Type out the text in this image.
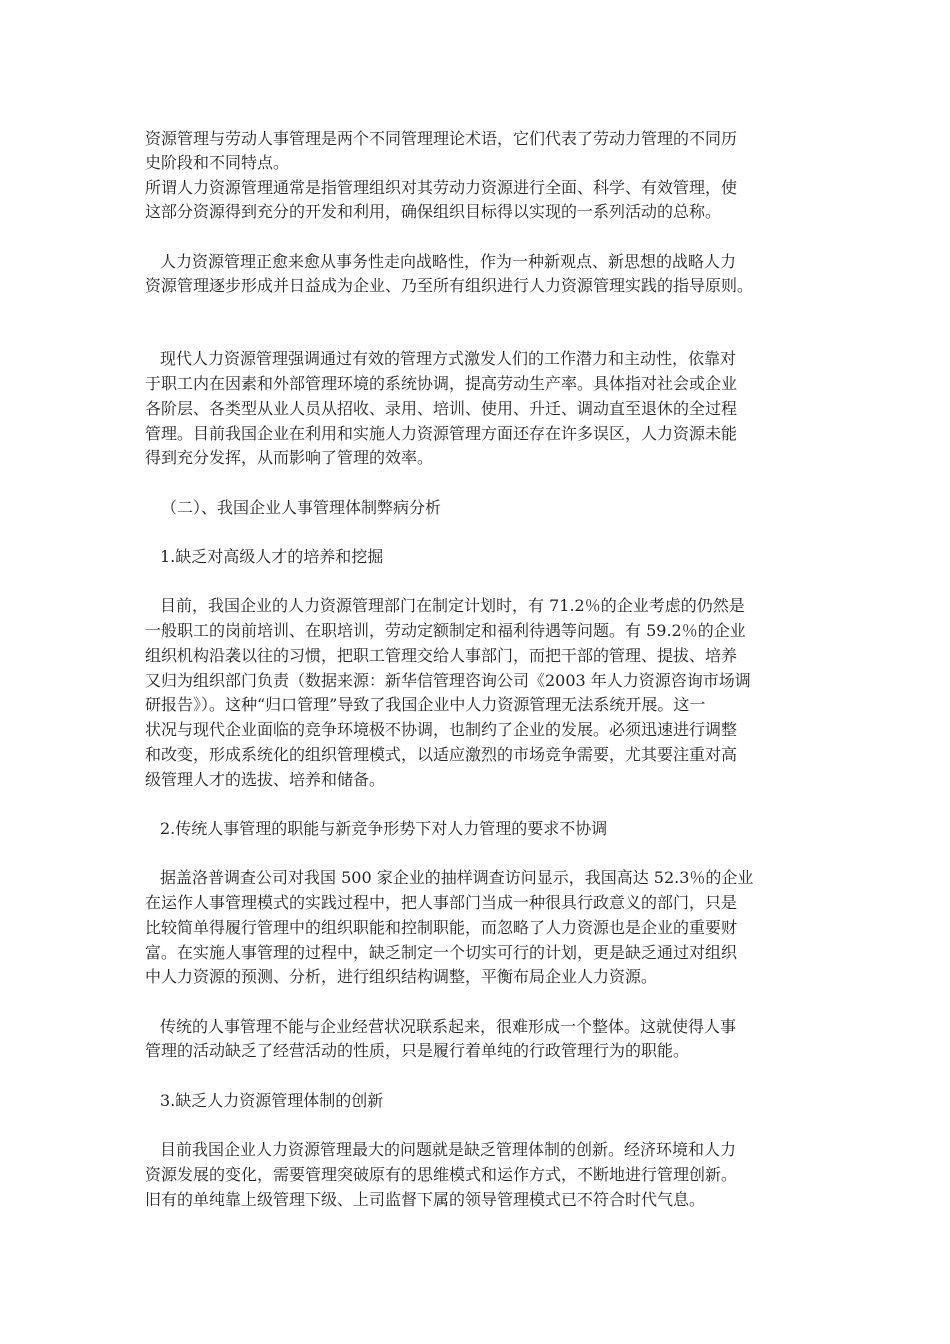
资源管理与劳动人事管理是两个不同管理理论术语，它们代表了劳动力管理的不同历

史阶段和不同特点。

所谓人力资源管理通常是指管理组织对其劳动力资源进行全面、科学、有效管理，使

这部分资源得到充分的开发和利用，确保组织目标得以实现的一系列活动的总称。

人力资源管理正愈来愈从事务性走向战略性，作为一种新观点、新思想的战略人力

资源管理逐步形成并日益成为企业、乃至所有组织进行人力资源管理实践的指导原则。

现代人力资源管理强调通过有效的管理方式激发人们的工作潜力和主动性，依靠对

于职工内在因素和外部管理环境的系统协调，提高劳动生产率。具体指对社会或企业

各阶层、各类型从业人员从招收、录用、培训、使用、升迁、调动直至退休的全过程

管理。目前我国企业在利用和实施人力资源管理方面还存在许多误区，人力资源未能

得到充分发挥，从而影响了管理的效率。

（二）、我国企业人事管理体制弊病分析

1.缺乏对高级人才的培养和挖掘

目前，我国企业的人力资源管理部门在制定计划时，有 71.2％的企业考虑的仍然是

一般职工的岗前培训、在职培训，劳动定额制定和福利待遇等问题。有 59.2％的企业

组织机构沿袭以往的习惯，把职工管理交给人事部门，而把干部的管理、提拔、培养

又归为组织部门负责（数据来源：新华信管理咨询公司《2003 年人力资源咨询市场调

研报告》）。这种“归口管理”导致了我国企业中人力资源管理无法系统开展。这一

状况与现代企业面临的竞争环境极不协调，也制约了企业的发展。必须迅速进行调整

和改变，形成系统化的组织管理模式，以适应激烈的市场竞争需要，尤其要注重对高

级管理人才的选拔、培养和储备。

2.传统人事管理的职能与新竞争形势下对人力管理的要求不协调

据盖洛普调查公司对我国 500 家企业的抽样调查访问显示，我国高达 52.3％的企业

在运作人事管理模式的实践过程中，把人事部门当成一种很具行政意义的部门，只是

比较简单得履行管理中的组织职能和控制职能，而忽略了人力资源也是企业的重要财

富。在实施人事管理的过程中，缺乏制定一个切实可行的计划，更是缺乏通过对组织

中人力资源的预测、分析，进行组织结构调整，平衡布局企业人力资源。

传统的人事管理不能与企业经营状况联系起来，很难形成一个整体。这就使得人事

管理的活动缺乏了经营活动的性质，只是履行着单纯的行政管理行为的职能。

3.缺乏人力资源管理体制的创新

目前我国企业人力资源管理最大的问题就是缺乏管理体制的创新。经济环境和人力

资源发展的变化，需要管理突破原有的思维模式和运作方式，不断地进行管理创新。

旧有的单纯靠上级管理下级、上司监督下属的领导管理模式已不符合时代气息。
